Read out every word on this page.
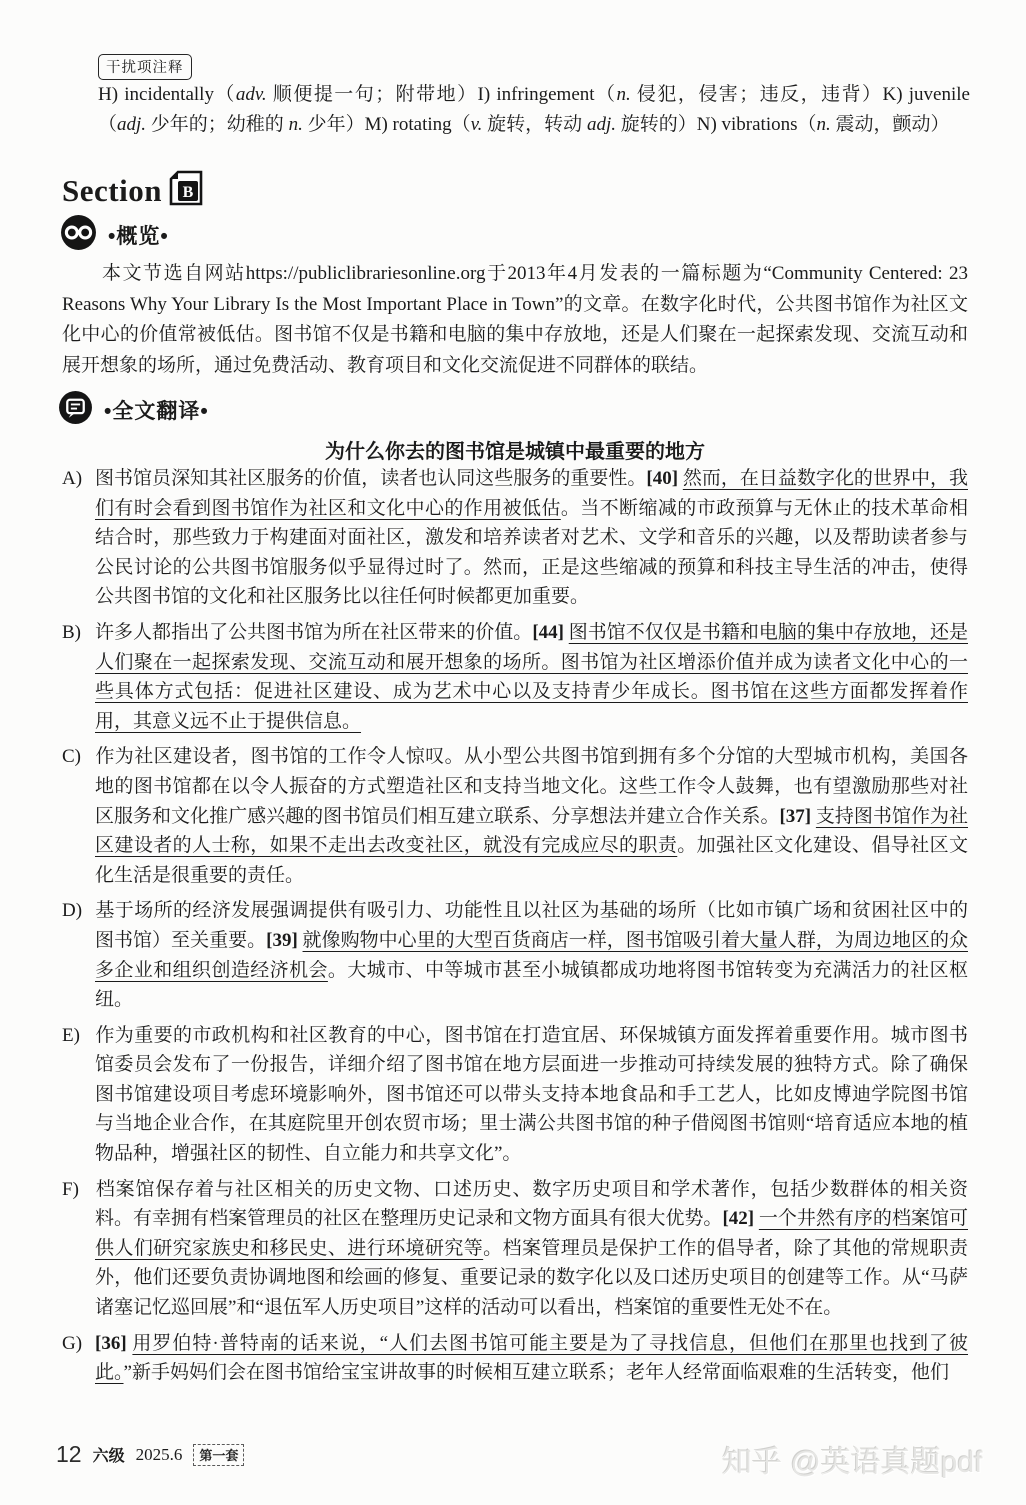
干扰项注释
H) incidentally（adv. 顺便提一句；附带地）I) infringement（n. 侵犯，侵害；违反，违背）K) juvenile（adj. 少年的；幼稚的 n. 少年）M) rotating（v. 旋转，转动 adj. 旋转的）N) vibrations（n. 震动，颤动）
Section B
•概览•
本文节选自网站https://publiclibrariesonline.org于2013年4月发表的一篇标题为“Community Centered: 23 Reasons Why Your Library Is the Most Important Place in Town”的文章。在数字化时代，公共图书馆作为社区文化中心的价值常被低估。图书馆不仅是书籍和电脑的集中存放地，还是人们聚在一起探索发现、交流互动和展开想象的场所，通过免费活动、教育项目和文化交流促进不同群体的联结。
•全文翻译•
为什么你去的图书馆是城镇中最重要的地方

A) 图书馆员深知其社区服务的价值，读者也认同这些服务的重要性。[40] 然而，在日益数字化的世界中，我们有时会看到图书馆作为社区和文化中心的作用被低估。当不断缩减的市政预算与无休止的技术革命相结合时，那些致力于构建面对面社区，激发和培养读者对艺术、文学和音乐的兴趣，以及帮助读者参与公民讨论的公共图书馆服务似乎显得过时了。然而，正是这些缩减的预算和科技主导生活的冲击，使得公共图书馆的文化和社区服务比以往任何时候都更加重要。

B) 许多人都指出了公共图书馆为所在社区带来的价值。[44] 图书馆不仅仅是书籍和电脑的集中存放地，还是人们聚在一起探索发现、交流互动和展开想象的场所。图书馆为社区增添价值并成为读者文化中心的一些具体方式包括：促进社区建设、成为艺术中心以及支持青少年成长。图书馆在这些方面都发挥着作用，其意义远不止于提供信息。

C) 作为社区建设者，图书馆的工作令人惊叹。从小型公共图书馆到拥有多个分馆的大型城市机构，美国各地的图书馆都在以令人振奋的方式塑造社区和支持当地文化。这些工作令人鼓舞，也有望激励那些对社区服务和文化推广感兴趣的图书馆员们相互建立联系、分享想法并建立合作关系。[37] 支持图书馆作为社区建设者的人士称，如果不走出去改变社区，就没有完成应尽的职责。加强社区文化建设、倡导社区文化生活是很重要的责任。

D) 基于场所的经济发展强调提供有吸引力、功能性且以社区为基础的场所（比如市镇广场和贫困社区中的图书馆）至关重要。[39] 就像购物中心里的大型百货商店一样，图书馆吸引着大量人群，为周边地区的众多企业和组织创造经济机会。大城市、中等城市甚至小城镇都成功地将图书馆转变为充满活力的社区枢纽。

E) 作为重要的市政机构和社区教育的中心，图书馆在打造宜居、环保城镇方面发挥着重要作用。城市图书馆委员会发布了一份报告，详细介绍了图书馆在地方层面进一步推动可持续发展的独特方式。除了确保图书馆建设项目考虑环境影响外，图书馆还可以带头支持本地食品和手工艺人，比如皮博迪学院图书馆与当地企业合作，在其庭院里开创农贸市场；里士满公共图书馆的种子借阅图书馆则“培育适应本地的植物品种，增强社区的韧性、自立能力和共享文化”。

F) 档案馆保存着与社区相关的历史文物、口述历史、数字历史项目和学术著作，包括少数群体的相关资料。有幸拥有档案管理员的社区在整理历史记录和文物方面具有很大优势。[42] 一个井然有序的档案馆可供人们研究家族史和移民史、进行环境研究等。档案管理员是保护工作的倡导者，除了其他的常规职责外，他们还要负责协调地图和绘画的修复、重要记录的数字化以及口述历史项目的创建等工作。从“马萨诸塞记忆巡回展”和“退伍军人历史项目”这样的活动可以看出，档案馆的重要性无处不在。

G) [36] 用罗伯特·普特南的话来说，“人们去图书馆可能主要是为了寻找信息，但他们在那里也找到了彼此。”新手妈妈们会在图书馆给宝宝讲故事的时候相互建立联系；老年人经常面临艰难的生活转变，他们

12 六级 2025.6	第一套	知乎 @英语真题pdf
